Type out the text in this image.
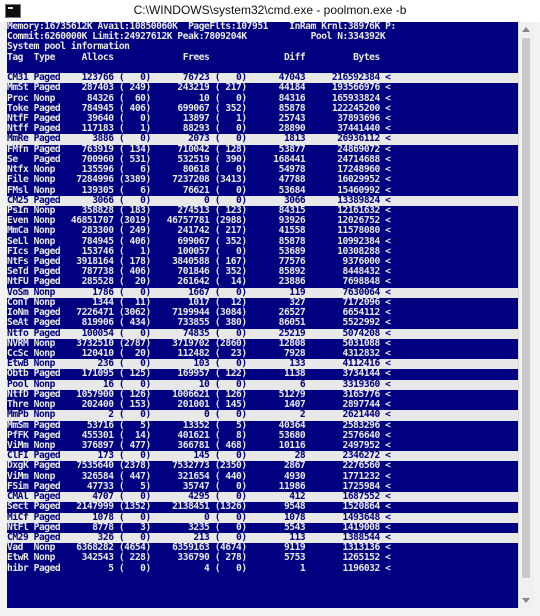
C:\WINDOWS\system32\cmd.exe - poolmon.exe -b
Memory:16735612K Avail:10850060K  PageFlts:107951    InRam Krnl:38976K P:
Commit:6260000K Limit:24927612K Peak:7809204K            Pool N:334392K
System pool information
Tag  Type     Allocs             Frees              Diff         Bytes
CM31 Paged    123766 (   0)      76723 (   0)      47043     216592384 <
MmSt Paged    287403 ( 249)     243219 ( 217)      44184     193566976 <
Proc Nonp      84326 (  60)         10 (   0)      84316     165933824 <
Toke Paged    784945 ( 406)     699067 ( 352)      85878     122245200 <
NtfF Paged     39640 (   0)      13897 (   1)      25743      37893696 <
Ntff Paged    117183 (   1)      88293 (   0)      28890      37441440 <
MmRe Paged      3886 (   0)       2073 (   0)       1813      26936112 <
FMfn Paged    763919 ( 134)     710042 ( 128)      53877      24869072 <
Se   Paged    700960 ( 531)     532519 ( 390)     168441      24714688 <
Ntfx Nonp     135596 (   6)      80618 (   0)      54978      17248960 <
File Nonp    7284996 (3389)    7237208 (3413)      47788      16029952 <
FMsl Nonp     139305 (   6)      76621 (   0)      53684      15460992 <
CM25 Paged      3066 (   0)          0 (   0)       3066      13389824 <
PsIn Nonp     358828 ( 183)     274513 ( 123)      84315      12161632 <
Even Nonp   46851707 (3019)   46757781 (2988)      93926      12026752 <
MmCa Nonp     283300 ( 249)     241742 ( 217)      41558      11578080 <
SeLl Nonp     784945 ( 406)     699067 ( 352)      85878      10992384 <
FIcs Paged    153746 (   1)     100057 (   0)      53689      10308288 <
NtFs Paged   3918164 ( 178)    3840588 ( 167)      77576       9376000 <
SeTd Paged    787738 ( 406)     701846 ( 352)      85892       8448432 <
NtFU Paged    285528 (  20)     261642 (  14)      23886       7698848 <
VoSm Nonp       1786 (   0)       1667 (   0)        119       7630064 <
ConT Nonp       1344 (  11)       1017 (  12)        327       7172096 <
IoNm Paged   7226471 (3062)    7199944 (3084)      26527       6654112 <
SeAt Paged    819906 ( 434)     733855 ( 380)      86051       5522992 <
Ntfo Paged    100054 (   0)      74835 (   0)      25219       5074208 <
NVRM Nonp    3732510 (2787)    3719702 (2860)      12808       5031088 <
CcSc Nonp     120410 (  20)     112482 (  23)       7928       4312832 <
EtwB Nonp        236 (   0)        103 (   0)        133       4112416 <
Obtb Paged    171095 ( 125)     169957 ( 122)       1138       3734144 <
Pool Nonp         16 (   0)         10 (   0)          6       3319360 <
NtfD Paged   1057900 ( 126)    1006621 ( 126)      51279       3165776 <
Thre Nonp     202400 ( 153)     201001 ( 145)       1407       2897744 <
MmPb Nonp          2 (   0)          0 (   0)          2       2621440 <
MmSm Paged     53716 (   5)      13352 (   5)      40364       2583296 <
PfFK Paged    455301 (  14)     401621 (   8)      53680       2576640 <
ViMm Nonp     376897 ( 477)     366781 ( 468)      10116       2497952 <
ClFI Paged       173 (   0)        145 (   0)         28       2346272 <
DxgK Paged   7535640 (2378)    7532773 (2350)       2867       2276560 <
ViMm Nonp     326584 ( 447)     321654 ( 440)       4930       1771232 <
FSim Paged     47733 (   5)      35747 (   0)      11986       1725984 <
CMAl Paged      4707 (   0)       4295 (   0)        412       1687552 <
Sect Paged   2147999 (1352)    2138451 (1326)       9548       1520864 <
MiCf Paged      1078 (   0)          0 (   0)       1078       1493648 <
NtFl Paged      8778 (   3)       3235 (   0)       5543       1419008 <
CM29 Paged       326 (   0)        213 (   0)        113       1388544 <
Vad  Nonp    6368282 (4654)    6359163 (4674)       9119       1313136 <
EtwR Nonp     342543 ( 228)     336790 ( 278)       5753       1265152 <
hibr Paged         5 (   0)          4 (   0)          1       1196032 <
